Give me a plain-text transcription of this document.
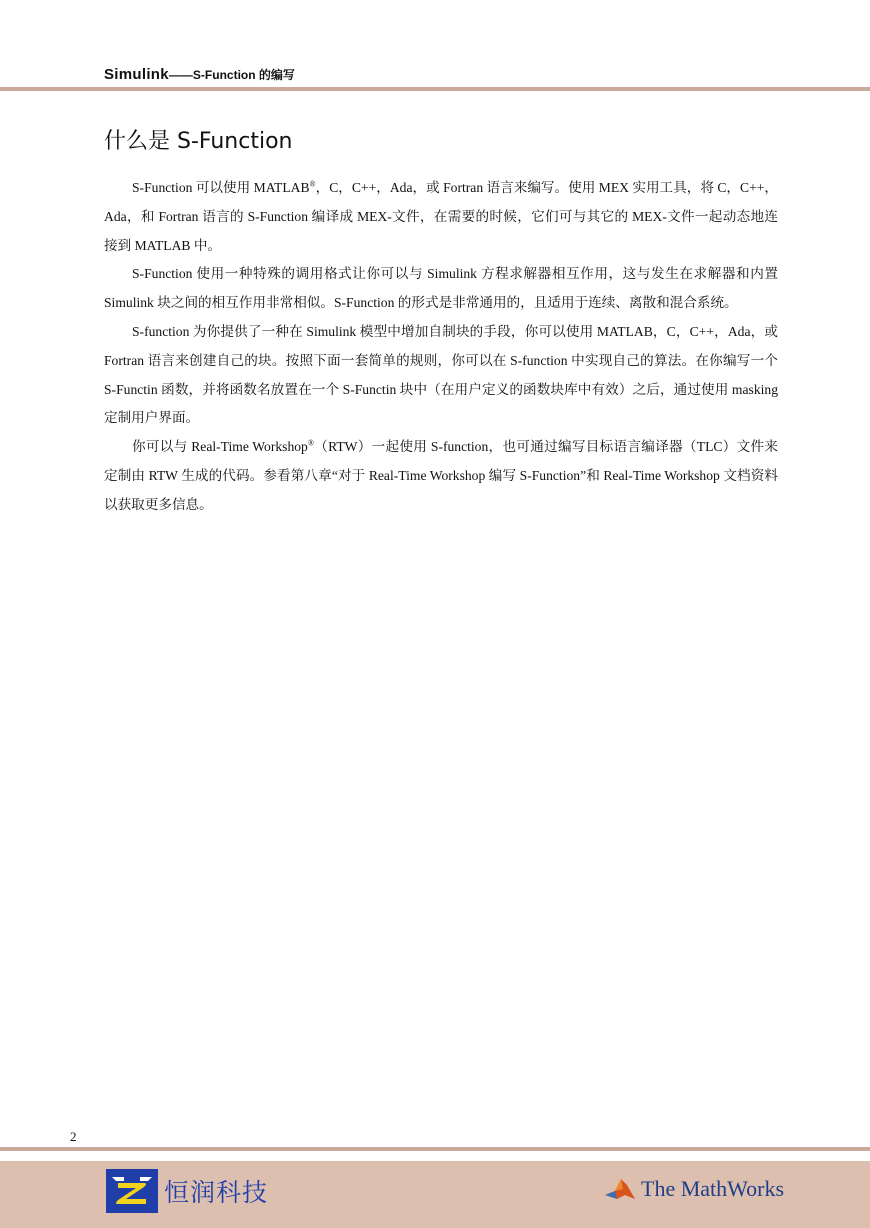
Simulink——S-Function 的编写
什么是 S-Function

S-Function 可以使用 MATLAB®，C，C++，Ada，或 Fortran 语言来编写。使用 MEX 实用工具，将 C，C++，Ada，和 Fortran 语言的 S-Function 编译成 MEX-文件，在需要的时候，它们可与其它的 MEX-文件一起动态地连接到 MATLAB 中。

S-Function 使用一种特殊的调用格式让你可以与 Simulink 方程求解器相互作用，这与发生在求解器和内置 Simulink 块之间的相互作用非常相似。S-Function 的形式是非常通用的，且适用于连续、离散和混合系统。

S-function 为你提供了一种在 Simulink 模型中增加自制块的手段，你可以使用 MATLAB，C，C++，Ada，或 Fortran 语言来创建自己的块。按照下面一套简单的规则，你可以在 S-function 中实现自己的算法。在你编写一个 S-Functin 函数，并将函数名放置在一个 S-Functin 块中（在用户定义的函数块库中有效）之后，通过使用 masking 定制用户界面。

你可以与 Real-Time Workshop®（RTW）一起使用 S-function，也可通过编写目标语言编译器（TLC）文件来定制由 RTW 生成的代码。参看第八章“对于 Real-Time Workshop 编写 S-Function”和 Real-Time Workshop 文档资料以获取更多信息。

2
恒润科技	The MathWorks
